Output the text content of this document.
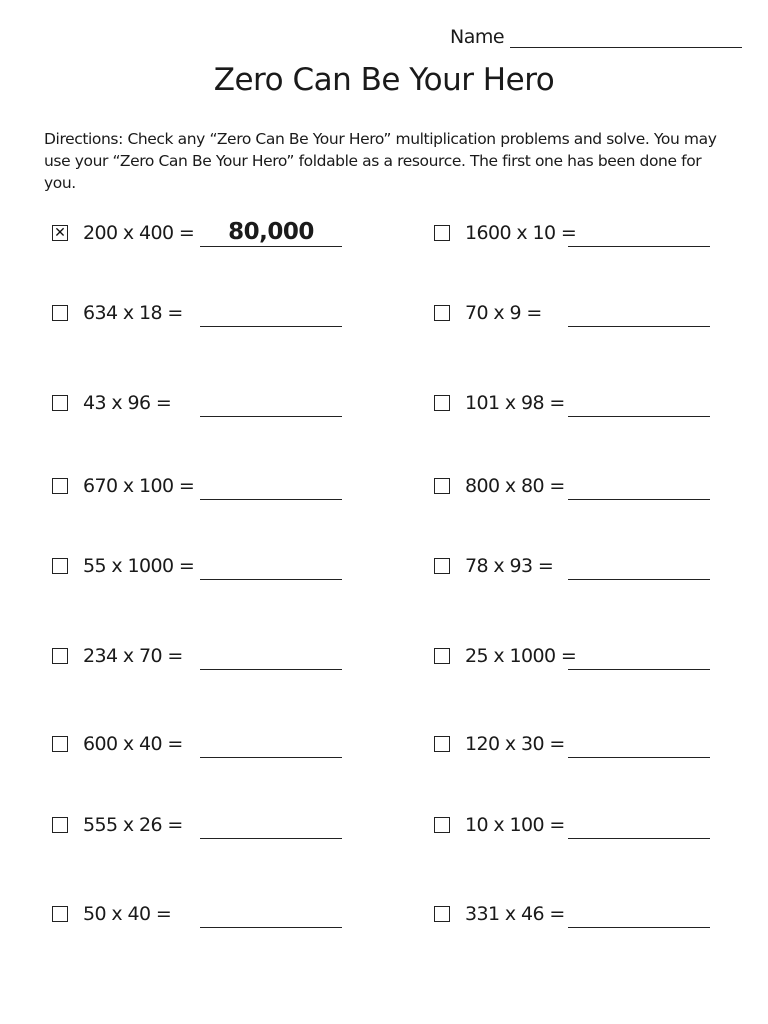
Name
Zero Can Be Your Hero

Directions: Check any “Zero Can Be Your Hero” multiplication problems and solve. You may use your “Zero Can Be Your Hero” foldable as a resource. The first one has been done for you.

✕ 200 x 400 =	80,000
634 x 18 =
43 x 96 =
670 x 100 =
55 x 1000 =
234 x 70 =
600 x 40 =
555 x 26 =
50 x 40 =
1600 x 10 =
70 x 9 =
101 x 98 =
800 x 80 =
78 x 93 =
25 x 1000 =
120 x 30 =
10 x 100 =
331 x 46 =
